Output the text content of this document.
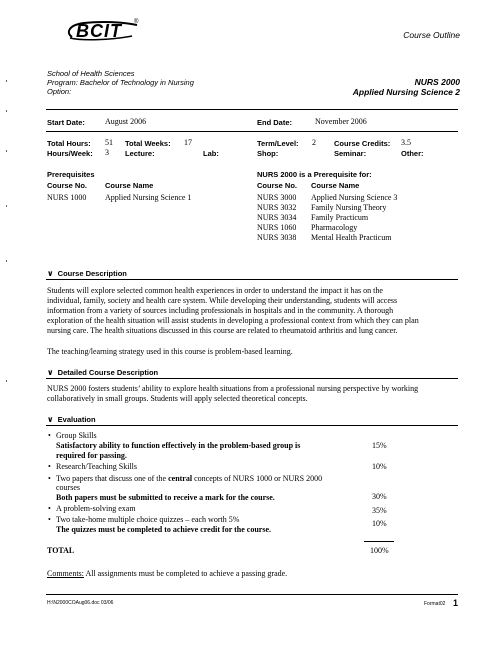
BCIT ®
Course Outline
School of Health Sciences
Program: Bachelor of Technology in Nursing
Option:
NURS 2000
Applied Nursing Science 2
Start Date:	August 2006	End Date:	November 2006
Total Hours: 51 Total Weeks: 17	Term/Level: 2 Course Credits: 3.5
Hours/Week: 3 Lecture:	Lab:	Shop:	Seminar:	Other:
Prerequisites
Course No. Course Name
NURS 1000 Applied Nursing Science 1
NURS 2000 is a Prerequisite for:
Course No. Course Name
NURS 3000 Applied Nursing Science 3
NURS 3032 Family Nursing Theory
NURS 3034 Family Practicum
NURS 1060 Pharmacology
NURS 3038 Mental Health Practicum
∨ Course Description
Students will explore selected common health experiences in order to understand the impact it has on the
individual, family, society and health care system. While developing their understanding, students will access
information from a variety of sources including professionals in hospitals and in the community. A thorough
exploration of the health situation will assist students in developing a professional context from which they can plan
nursing care. The health situations discussed in this course are related to rheumatoid arthritis and lung cancer.
The teaching/learning strategy used in this course is problem-based learning.
∨ Detailed Course Description
NURS 2000 fosters students’ ability to explore health situations from a professional nursing perspective by working
collaboratively in small groups. Students will apply selected theoretical concepts.
∨ Evaluation
• Group Skills
Satisfactory ability to function effectively in the problem-based group is
required for passing.
15%
• Research/Teaching Skills	10%
• Two papers that discuss one of the central concepts of NURS 1000 or NURS 2000
courses
Both papers must be submitted to receive a mark for the course.	30%
• A problem-solving exam	35%
• Two take-home multiple choice quizzes – each worth 5%
The quizzes must be completed to achieve credit for the course.
10%
TOTAL	100%
Comments: All assignments must be completed to achieve a passing grade.
H:\N2000COAug06.doc 03/06	Format02 1
